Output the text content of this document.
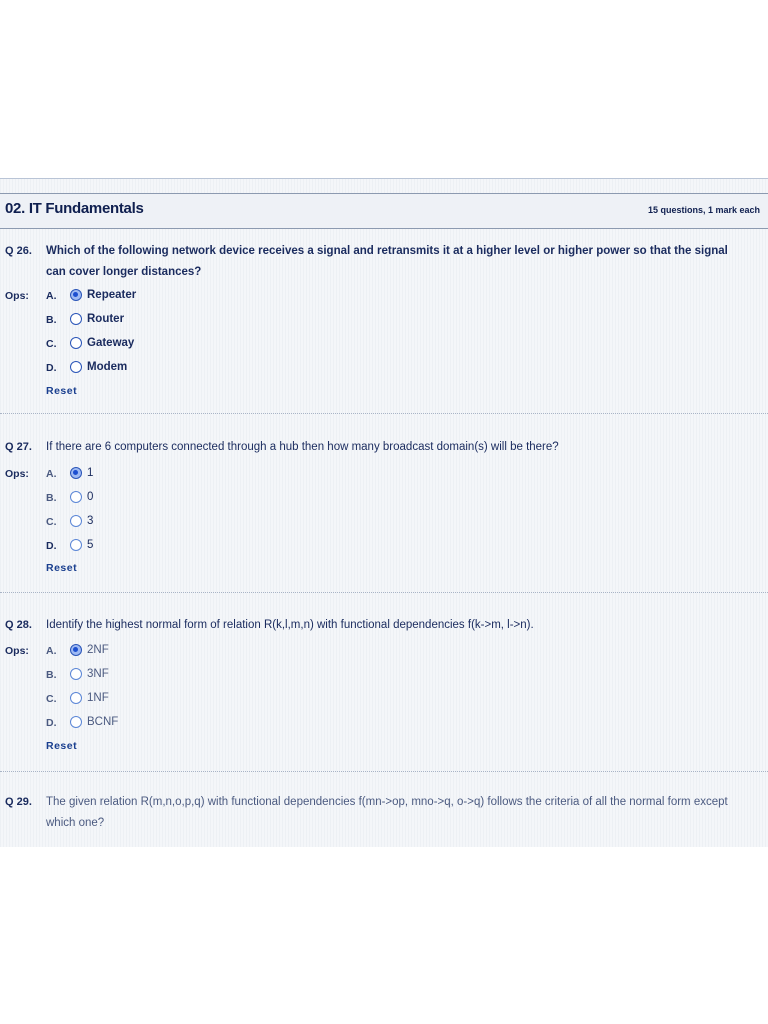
02. IT Fundamentals	15 questions, 1 mark each
Q 26. Which of the following network device receives a signal and retransmits it at a higher level or higher power so that the signal can cover longer distances?
Ops: A.	Repeater
B.	Router
C.	Gateway
D.	Modem
Reset
Q 27. If there are 6 computers connected through a hub then how many broadcast domain(s) will be there?
Ops: A.	1
B.	0
C.	3
D.	5
Reset
Q 28. Identify the highest normal form of relation R(k,l,m,n) with functional dependencies f(k->m, l->n).
Ops: A.	2NF
B.	3NF
C.	1NF
D.	BCNF
Reset
Q 29. The given relation R(m,n,o,p,q) with functional dependencies f(mn->op, mno->q, o->q) follows the criteria of all the normal form except which one?
